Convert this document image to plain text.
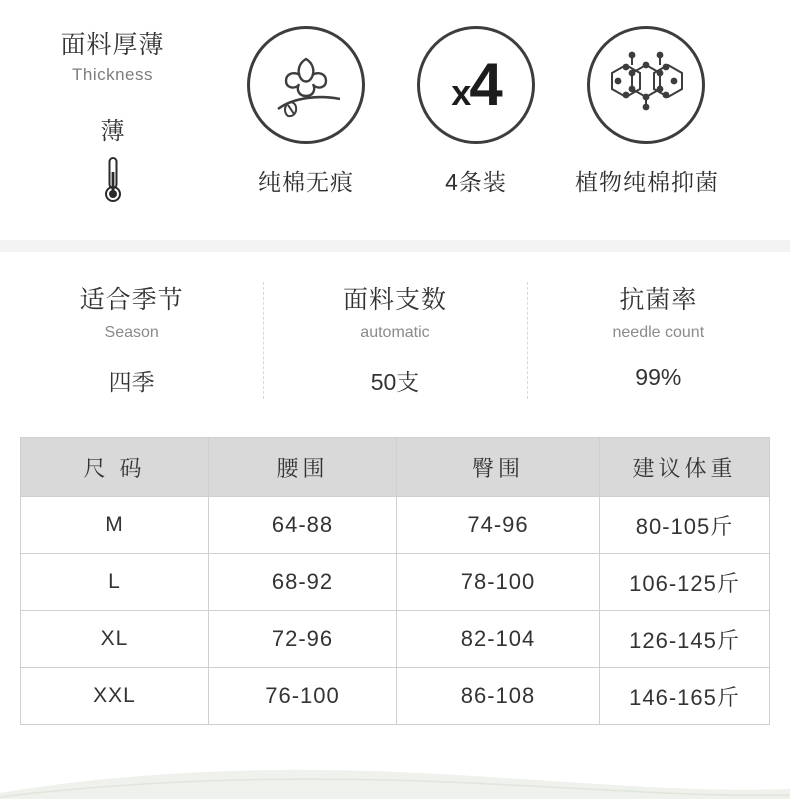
面料厚薄
Thickness
薄
纯棉无痕
x4
4条装	植物纯棉抑菌
适合季节
Season
四季
面料支数
automatic
50支
抗菌率
needle count
99%
尺 码	腰围	臀围	建议体重
M	64-88	74-96	80-105斤
L	68-92	78-100	106-125斤
XL	72-96	82-104	126-145斤
XXL	76-100	86-108	146-165斤
